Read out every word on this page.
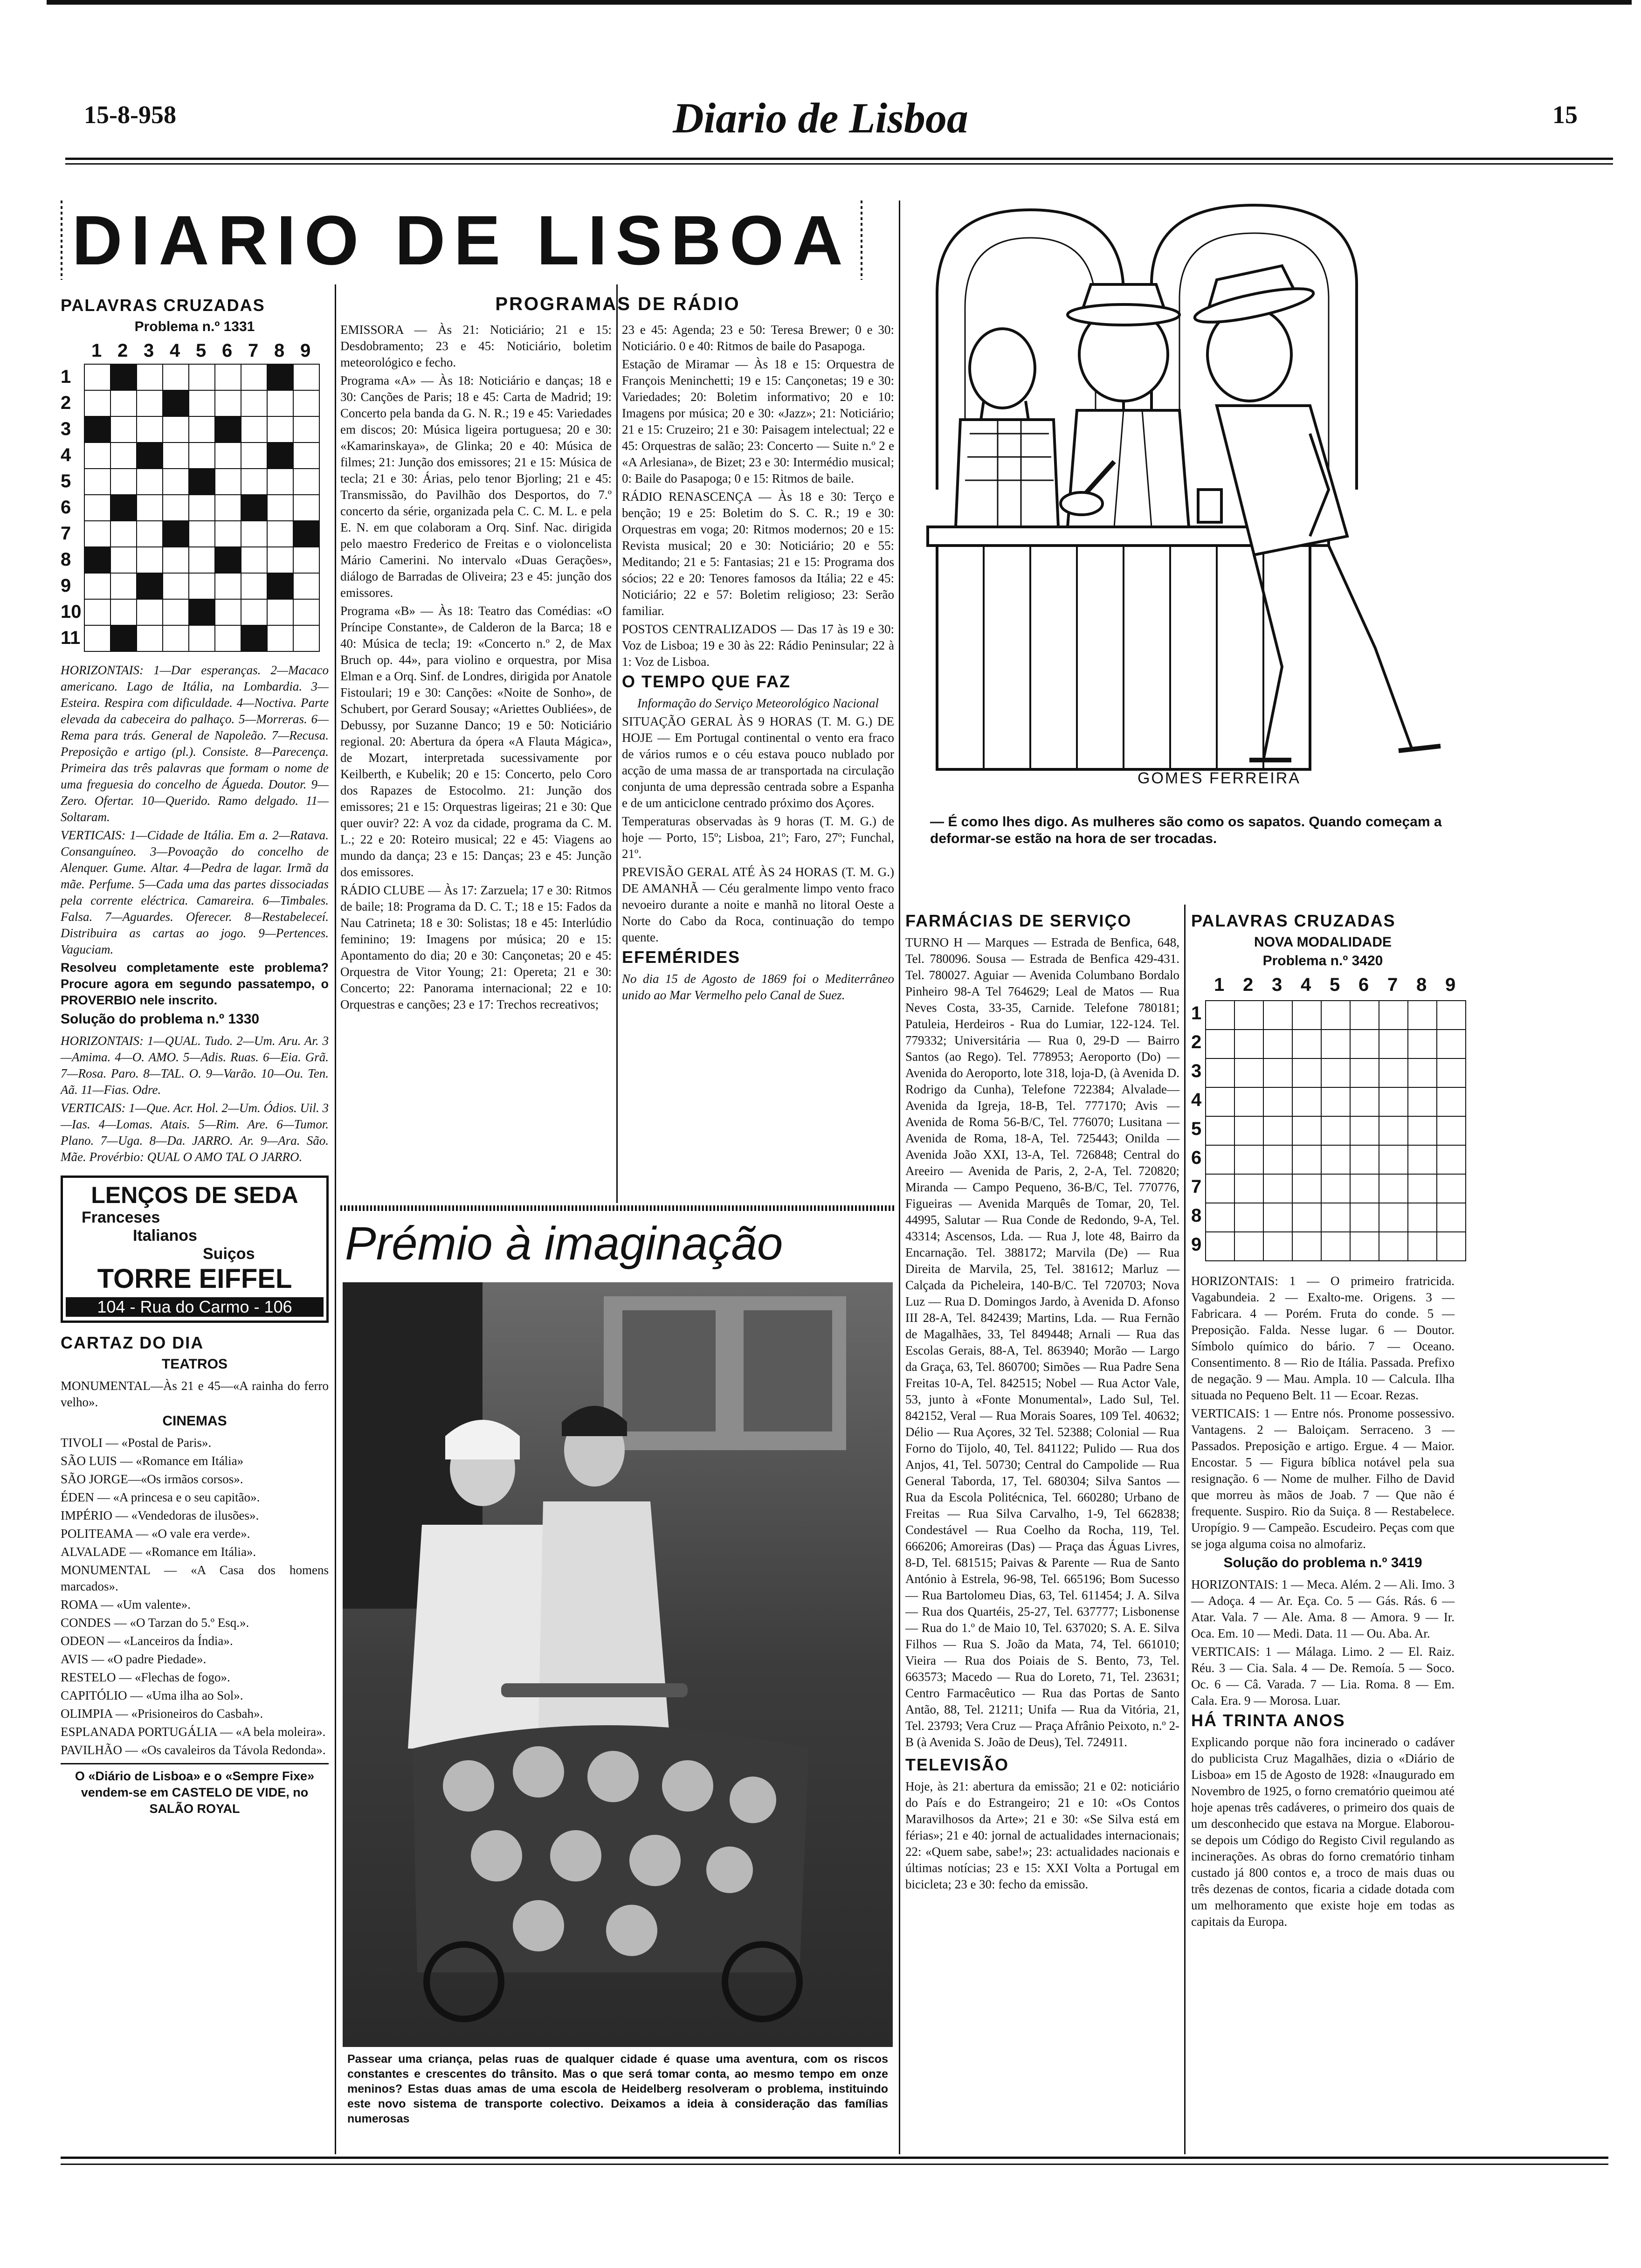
15-8-958	Diario de Lisboa	15
DIARIO DE LISBOA
PALAVRAS CRUZADAS
Problema n.º 1331
1 2 3 4 5 6 7 8 9
1
2
3
4
5
6
7
8
9
10
11

HORIZONTAIS: 1—Dar esperanças. 2—Macaco americano. Lago de Itália, na Lombardia. 3—Esteira. Respira com dificuldade. 4—Noctiva. Parte elevada da cabeceira do palhaço. 5—Morreras. 6—Rema para trás. General de Napoleão. 7—Recusa. Preposição e artigo (pl.). Consiste. 8—Parecença. Primeira das três palavras que formam o nome de uma freguesia do concelho de Águeda. Doutor. 9—Zero. Ofertar. 10—Querido. Ramo delgado. 11—Soltaram.

VERTICAIS: 1—Cidade de Itália. Em a. 2—Ratava. Consanguíneo. 3—Povoação do concelho de Alenquer. Gume. Altar. 4—Pedra de lagar. Irmã da mãe. Perfume. 5—Cada uma das partes dissociadas pela corrente eléctrica. Camareira. 6—Timbales. Falsa. 7—Aguardes. Oferecer. 8—Restabeleceí. Distribuira as cartas ao jogo. 9—Pertences. Vaguciam.

Resolveu completamente este problema? Procure agora em segundo passatempo, o PROVERBIO nele inscrito.

Solução do problema n.º 1330

HORIZONTAIS: 1—QUAL. Tudo. 2—Um. Aru. Ar. 3—Amima. 4—O. AMO. 5—Adis. Ruas. 6—Eia. Grã. 7—Rosa. Paro. 8—TAL. O. 9—Varão. 10—Ou. Ten. Aã. 11—Fias. Odre.

VERTICAIS: 1—Que. Acr. Hol. 2—Um. Ódios. Uil. 3—Ias. 4—Lomas. Atais. 5—Rim. Are. 6—Tumor. Plano. 7—Uga. 8—Da. JARRO. Ar. 9—Ara. São. Mãe. Provérbio: QUAL O AMO TAL O JARRO.

LENÇOS DE SEDA
Franceses
Italianos
Suiços
TORRE EIFFEL
104 - Rua do Carmo - 106
CARTAZ DO DIA
TEATROS

MONUMENTAL—Às 21 e 45—«A rainha do ferro velho».

CINEMAS

TIVOLI — «Postal de Paris».

SÃO LUIS — «Romance em Itália»

SÃO JORGE—«Os irmãos corsos».

ÉDEN — «A princesa e o seu capitão».

IMPÉRIO — «Vendedoras de ilusões».

POLITEAMA — «O vale era verde».

ALVALADE — «Romance em Itália».

MONUMENTAL — «A Casa dos homens marcados».

ROMA — «Um valente».

CONDES — «O Tarzan do 5.º Esq.».

ODEON — «Lanceiros da Índia».

AVIS — «O padre Piedade».

RESTELO — «Flechas de fogo».

CAPITÓLIO — «Uma ilha ao Sol».

OLIMPIA — «Prisioneiros do Casbah».

ESPLANADA PORTUGÁLIA — «A bela moleira».

PAVILHÃO — «Os cavaleiros da Távola Redonda».

O «Diário de Lisboa» e o «Sempre Fixe» vendem-se em CASTELO DE VIDE, no SALÃO ROYAL

PROGRAMAS DE RÁDIO

EMISSORA — Às 21: Noticiário; 21 e 15: Desdobramento; 23 e 45: Noticiário, boletim meteorológico e fecho.

Programa «A» — Às 18: Noticiário e danças; 18 e 30: Canções de Paris; 18 e 45: Carta de Madrid; 19: Concerto pela banda da G. N. R.; 19 e 45: Variedades em discos; 20: Música ligeira portuguesa; 20 e 30: «Kamarinskaya», de Glinka; 20 e 40: Música de filmes; 21: Junção dos emissores; 21 e 15: Música de tecla; 21 e 30: Árias, pelo tenor Bjorling; 21 e 45: Transmissão, do Pavilhão dos Desportos, do 7.º concerto da série, organizada pela C. C. M. L. e pela E. N. em que colaboram a Orq. Sinf. Nac. dirigida pelo maestro Frederico de Freitas e o violoncelista Mário Camerini. No intervalo «Duas Gerações», diálogo de Barradas de Oliveira; 23 e 45: junção dos emissores.

Programa «B» — Às 18: Teatro das Comédias: «O Príncipe Constante», de Calderon de la Barca; 18 e 40: Música de tecla; 19: «Concerto n.º 2, de Max Bruch op. 44», para violino e orquestra, por Misa Elman e a Orq. Sinf. de Londres, dirigida por Anatole Fistoulari; 19 e 30: Canções: «Noite de Sonho», de Schubert, por Gerard Sousay; «Ariettes Oubliées», de Debussy, por Suzanne Danco; 19 e 50: Noticiário regional. 20: Abertura da ópera «A Flauta Mágica», de Mozart, interpretada sucessivamente por Keilberth, e Kubelik; 20 e 15: Concerto, pelo Coro dos Rapazes de Estocolmo. 21: Junção dos emissores; 21 e 15: Orquestras ligeiras; 21 e 30: Que quer ouvir? 22: A voz da cidade, programa da C. M. L.; 22 e 20: Roteiro musical; 22 e 45: Viagens ao mundo da dança; 23 e 15: Danças; 23 e 45: Junção dos emissores.

RÁDIO CLUBE — Às 17: Zarzuela; 17 e 30: Ritmos de baile; 18: Programa da D. C. T.; 18 e 15: Fados da Nau Catrineta; 18 e 30: Solistas; 18 e 45: Interlúdio feminino; 19: Imagens por música; 20 e 15: Apontamento do dia; 20 e 30: Cançonetas; 20 e 45: Orquestra de Vitor Young; 21: Opereta; 21 e 30: Concerto; 22: Panorama internacional; 22 e 10: Orquestras e canções; 23 e 17: Trechos recreativos;

23 e 45: Agenda; 23 e 50: Teresa Brewer; 0 e 30: Noticiário. 0 e 40: Ritmos de baile do Pasapoga.

Estação de Miramar — Às 18 e 15: Orquestra de François Meninchetti; 19 e 15: Cançonetas; 19 e 30: Variedades; 20: Boletim informativo; 20 e 10: Imagens por música; 20 e 30: «Jazz»; 21: Noticiário; 21 e 15: Cruzeiro; 21 e 30: Paisagem intelectual; 22 e 45: Orquestras de salão; 23: Concerto — Suite n.º 2 e «A Arlesiana», de Bizet; 23 e 30: Intermédio musical; 0: Baile do Pasapoga; 0 e 15: Ritmos de baile.

RÁDIO RENASCENÇA — Às 18 e 30: Terço e benção; 19 e 25: Boletim do S. C. R.; 19 e 30: Orquestras em voga; 20: Ritmos modernos; 20 e 15: Revista musical; 20 e 30: Noticiário; 20 e 55: Meditando; 21 e 5: Fantasias; 21 e 15: Programa dos sócios; 22 e 20: Tenores famosos da Itália; 22 e 45: Noticiário; 22 e 57: Boletim religioso; 23: Serão familiar.

POSTOS CENTRALIZADOS — Das 17 às 19 e 30: Voz de Lisboa; 19 e 30 às 22: Rádio Peninsular; 22 à 1: Voz de Lisboa.

O TEMPO QUE FAZ

Informação do Serviço Meteorológico Nacional

SITUAÇÃO GERAL ÀS 9 HORAS (T. M. G.) DE HOJE — Em Portugal continental o vento era fraco de vários rumos e o céu estava pouco nublado por acção de uma massa de ar transportada na circulação conjunta de uma depressão centrada sobre a Espanha e de um anticiclone centrado próximo dos Açores.

Temperaturas observadas às 9 horas (T. M. G.) de hoje — Porto, 15º; Lisboa, 21º; Faro, 27º; Funchal, 21º.

PREVISÃO GERAL ATÉ ÀS 24 HORAS (T. M. G.) DE AMANHÃ — Céu geralmente limpo vento fraco nevoeiro durante a noite e manhã no litoral Oeste a Norte do Cabo da Roca, continuação do tempo quente.

EFEMÉRIDES

No dia 15 de Agosto de 1869 foi o Mediterrâneo unido ao Mar Vermelho pelo Canal de Suez.

Prémio à imaginação

Passear uma criança, pelas ruas de qualquer cidade é quase uma aventura, com os riscos constantes e crescentes do trânsito. Mas o que será tomar conta, ao mesmo tempo em onze meninos? Estas duas amas de uma escola de Heidelberg resolveram o problema, instituindo este novo sistema de transporte colectivo. Deixamos a ideia à consideração das famílias numerosas

GOMES FERREIRA

— É como lhes digo. As mulheres são como os sapatos. Quando começam a deformar-se estão na hora de ser trocadas.

FARMÁCIAS DE SERVIÇO

TURNO H — Marques — Estrada de Benfica, 648, Tel. 780096. Sousa — Estrada de Benfica 429-431. Tel. 780027. Aguiar — Avenida Columbano Bordalo Pinheiro 98-A Tel 764629; Leal de Matos — Rua Neves Costa, 33-35, Carnide. Telefone 780181; Patuleia, Herdeiros - Rua do Lumiar, 122-124. Tel. 779332; Universitária — Rua 0, 29-D — Bairro Santos (ao Rego). Tel. 778953; Aeroporto (Do) — Avenida do Aeroporto, lote 318, loja-D, (à Avenida D. Rodrigo da Cunha), Telefone 722384; Alvalade—Avenida da Igreja, 18-B, Tel. 777170; Avis — Avenida de Roma 56-B/C, Tel. 776070; Lusitana — Avenida de Roma, 18-A, Tel. 725443; Onilda — Avenida João XXI, 13-A, Tel. 726848; Central do Areeiro — Avenida de Paris, 2, 2-A, Tel. 720820; Miranda — Campo Pequeno, 36-B/C, Tel. 770776, Figueiras — Avenida Marquês de Tomar, 20, Tel. 44995, Salutar — Rua Conde de Redondo, 9-A, Tel. 43314; Ascensos, Lda. — Rua J, lote 48, Bairro da Encarnação. Tel. 388172; Marvila (De) — Rua Direita de Marvila, 25, Tel. 381612; Marluz — Calçada da Picheleira, 140-B/C. Tel 720703; Nova Luz — Rua D. Domingos Jardo, à Avenida D. Afonso III 28-A, Tel. 842439; Martins, Lda. — Rua Fernão de Magalhães, 33, Tel 849448; Arnali — Rua das Escolas Gerais, 88-A, Tel. 863940; Morão — Largo da Graça, 63, Tel. 860700; Simões — Rua Padre Sena Freitas 10-A, Tel. 842515; Nobel — Rua Actor Vale, 53, junto à «Fonte Monumental», Lado Sul, Tel. 842152, Veral — Rua Morais Soares, 109 Tel. 40632; Délio — Rua Açores, 32 Tel. 52388; Colonial — Rua Forno do Tijolo, 40, Tel. 841122; Pulido — Rua dos Anjos, 41, Tel. 50730; Central do Campolide — Rua General Taborda, 17, Tel. 680304; Silva Santos — Rua da Escola Politécnica, Tel. 660280; Urbano de Freitas — Rua Silva Carvalho, 1-9, Tel 662838; Condestável — Rua Coelho da Rocha, 119, Tel. 666206; Amoreiras (Das) — Praça das Águas Livres, 8-D, Tel. 681515; Paivas & Parente — Rua de Santo António à Estrela, 96-98, Tel. 665196; Bom Sucesso — Rua Bartolomeu Dias, 63, Tel. 611454; J. A. Silva — Rua dos Quartéis, 25-27, Tel. 637777; Lisbonense — Rua do 1.º de Maio 10, Tel. 637020; S. A. E. Silva Filhos — Rua S. João da Mata, 74, Tel. 661010; Vieira — Rua dos Poiais de S. Bento, 73, Tel. 663573; Macedo — Rua do Loreto, 71, Tel. 23631; Centro Farmacêutico — Rua das Portas de Santo Antão, 88, Tel. 21211; Unifa — Rua da Vitória, 21, Tel. 23793; Vera Cruz — Praça Afrânio Peixoto, n.º 2-B (à Avenida S. João de Deus), Tel. 724911.

TELEVISÃO

Hoje, às 21: abertura da emissão; 21 e 02: noticiário do País e do Estrangeiro; 21 e 10: «Os Contos Maravilhosos da Arte»; 21 e 30: «Se Silva está em férias»; 21 e 40: jornal de actualidades internacionais; 22: «Quem sabe, sabe!»; 23: actualidades nacionais e últimas notícias; 23 e 15: XXI Volta a Portugal em bicicleta; 23 e 30: fecho da emissão.

PALAVRAS CRUZADAS
NOVA MODALIDADE
Problema n.º 3420
1 2 3 4 5 6 7 8 9
1
2
3
4
5
6
7
8
9

HORIZONTAIS: 1 — O primeiro fratricida. Vagabundeia. 2 — Exalto-me. Origens. 3 — Fabricara. 4 — Porém. Fruta do conde. 5 — Preposição. Falda. Nesse lugar. 6 — Doutor. Símbolo químico do bário. 7 — Oceano. Consentimento. 8 — Rio de Itália. Passada. Prefixo de negação. 9 — Mau. Ampla. 10 — Calcula. Ilha situada no Pequeno Belt. 11 — Ecoar. Rezas.

VERTICAIS: 1 — Entre nós. Pronome possessivo. Vantagens. 2 — Baloiçam. Serraceno. 3 — Passados. Preposição e artigo. Ergue. 4 — Maior. Encostar. 5 — Figura bíblica notável pela sua resignação. 6 — Nome de mulher. Filho de David que morreu às mãos de Joab. 7 — Que não é frequente. Suspiro. Rio da Suiça. 8 — Restabelece. Uropígio. 9 — Campeão. Escudeiro. Peças com que se joga alguma coisa no almofariz.

Solução do problema n.º 3419

HORIZONTAIS: 1 — Meca. Além. 2 — Ali. Imo. 3 — Adoça. 4 — Ar. Eça. Co. 5 — Gás. Rás. 6 — Atar. Vala. 7 — Ale. Ama. 8 — Amora. 9 — Ir. Oca. Em. 10 — Medi. Data. 11 — Ou. Aba. Ar.

VERTICAIS: 1 — Málaga. Limo. 2 — El. Raiz. Réu. 3 — Cia. Sala. 4 — De. Remoía. 5 — Soco. Oc. 6 — Câ. Varada. 7 — Lia. Roma. 8 — Em. Cala. Era. 9 — Morosa. Luar.

HÁ TRINTA ANOS

Explicando porque não fora incinerado o cadáver do publicista Cruz Magalhães, dizia o «Diário de Lisboa» em 15 de Agosto de 1928: «Inaugurado em Novembro de 1925, o forno crematório queimou até hoje apenas três cadáveres, o primeiro dos quais de um desconhecido que estava na Morgue. Elaborou-se depois um Código do Registo Civil regulando as incinerações. As obras do forno crematório tinham custado já 800 contos e, a troco de mais duas ou três dezenas de contos, ficaria a cidade dotada com um melhoramento que existe hoje em todas as capitais da Europa.
